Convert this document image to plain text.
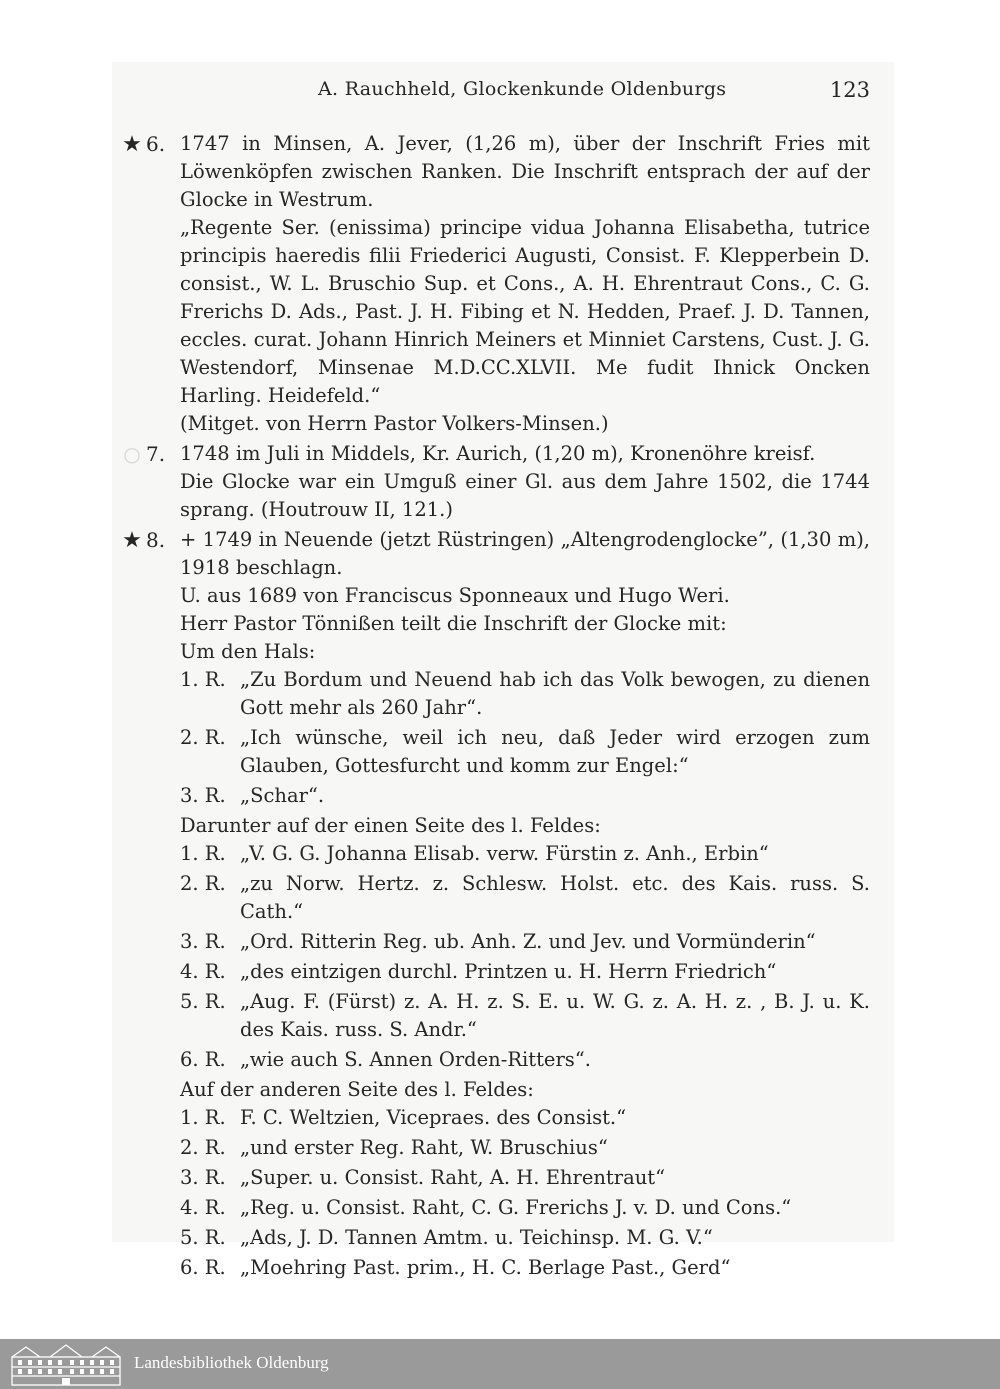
A. Rauchheld, Glockenkunde Oldenburgs	123
★ 6. 1747 in Minsen, A. Jever, (1,26 m), über der Inschrift Fries mit Löwenköpfen zwischen Ranken. Die Inschrift entsprach der auf der Glocke in Westrum.

„Regente Ser. (enissima) principe vidua Johanna Elisabetha, tutrice principis haeredis filii Friederici Augusti, Consist. F. Klepperbein D. consist., W. L. Bruschio Sup. et Cons., A. H. Ehrentraut Cons., C. G. Frerichs D. Ads., Past. J. H. Fibing et N. Hedden, Praef. J. D. Tannen, eccles. curat. Johann Hinrich Meiners et Minniet Carstens, Cust. J. G. Westendorf, Minsenae M.D.CC.XLVII. Me fudit Ihnick Oncken Harling. Heidefeld.“

(Mitget. von Herrn Pastor Volkers-Minsen.)

○ 7. 1748 im Juli in Middels, Kr. Aurich, (1,20 m), Kronenöhre kreisf.

Die Glocke war ein Umguß einer Gl. aus dem Jahre 1502, die 1744 sprang. (Houtrouw II, 121.)

★ 8. + 1749 in Neuende (jetzt Rüstringen) „Altengrodenglocke”, (1,30 m), 1918 beschlagn.

U. aus 1689 von Franciscus Sponneaux und Hugo Weri.

Herr Pastor Tönnißen teilt die Inschrift der Glocke mit:

Um den Hals:

1. R. „Zu Bordum und Neuend hab ich das Volk bewogen, zu dienen Gott mehr als 260 Jahr“.
2. R. „Ich wünsche, weil ich neu, daß Jeder wird erzogen zum Glauben, Gottesfurcht und komm zur Engel:“
3. R. „Schar“.

Darunter auf der einen Seite des l. Feldes:

1. R. „V. G. G. Johanna Elisab. verw. Fürstin z. Anh., Erbin“
2. R. „zu Norw. Hertz. z. Schlesw. Holst. etc. des Kais. russ. S. Cath.“
3. R. „Ord. Ritterin Reg. ub. Anh. Z. und Jev. und Vormünderin“
4. R. „des eintzigen durchl. Printzen u. H. Herrn Friedrich“
5. R. „Aug. F. (Fürst) z. A. H. z. S. E. u. W. G. z. A. H. z. , B. J. u. K. des Kais. russ. S. Andr.“
6. R. „wie auch S. Annen Orden-Ritters“.

Auf der anderen Seite des l. Feldes:

1. R. F. C. Weltzien, Vicepraes. des Consist.“
2. R. „und erster Reg. Raht, W. Bruschius“
3. R. „Super. u. Consist. Raht, A. H. Ehrentraut“
4. R. „Reg. u. Consist. Raht, C. G. Frerichs J. v. D. und Cons.“
5. R. „Ads, J. D. Tannen Amtm. u. Teichinsp. M. G. V.“
6. R. „Moehring Past. prim., H. C. Berlage Past., Gerd“
Landesbibliothek Oldenburg
